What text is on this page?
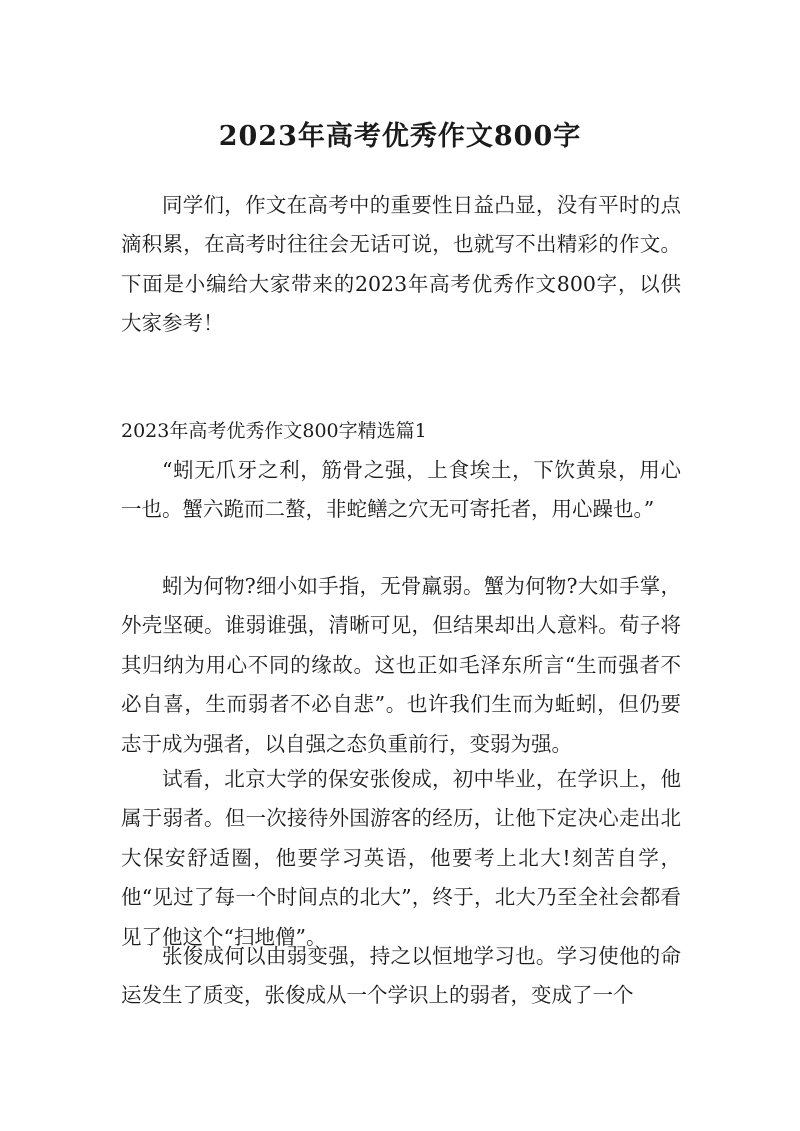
2023年高考优秀作文800字

同学们，作文在高考中的重要性日益凸显，没有平时的点滴积累，在高考时往往会无话可说，也就写不出精彩的作文。下面是小编给大家带来的2023年高考优秀作文800字，以供大家参考！

2023年高考优秀作文800字精选篇1

“蚓无爪牙之利，筋骨之强，上食埃土，下饮黄泉，用心一也。蟹六跪而二螯，非蛇鳝之穴无可寄托者，用心躁也。”

蚓为何物?细小如手指，无骨羸弱。蟹为何物?大如手掌，外壳坚硬。谁弱谁强，清晰可见，但结果却出人意料。荀子将其归纳为用心不同的缘故。这也正如毛泽东所言“生而强者不必自喜，生而弱者不必自悲”。也许我们生而为蚯蚓，但仍要志于成为强者，以自强之态负重前行，变弱为强。

试看，北京大学的保安张俊成，初中毕业，在学识上，他属于弱者。但一次接待外国游客的经历，让他下定决心走出北大保安舒适圈，他要学习英语，他要考上北大!刻苦自学，他“见过了每一个时间点的北大”，终于，北大乃至全社会都看见了他这个“扫地僧”。

张俊成何以由弱变强，持之以恒地学习也。学习使他的命运发生了质变，张俊成从一个学识上的弱者，变成了一个
